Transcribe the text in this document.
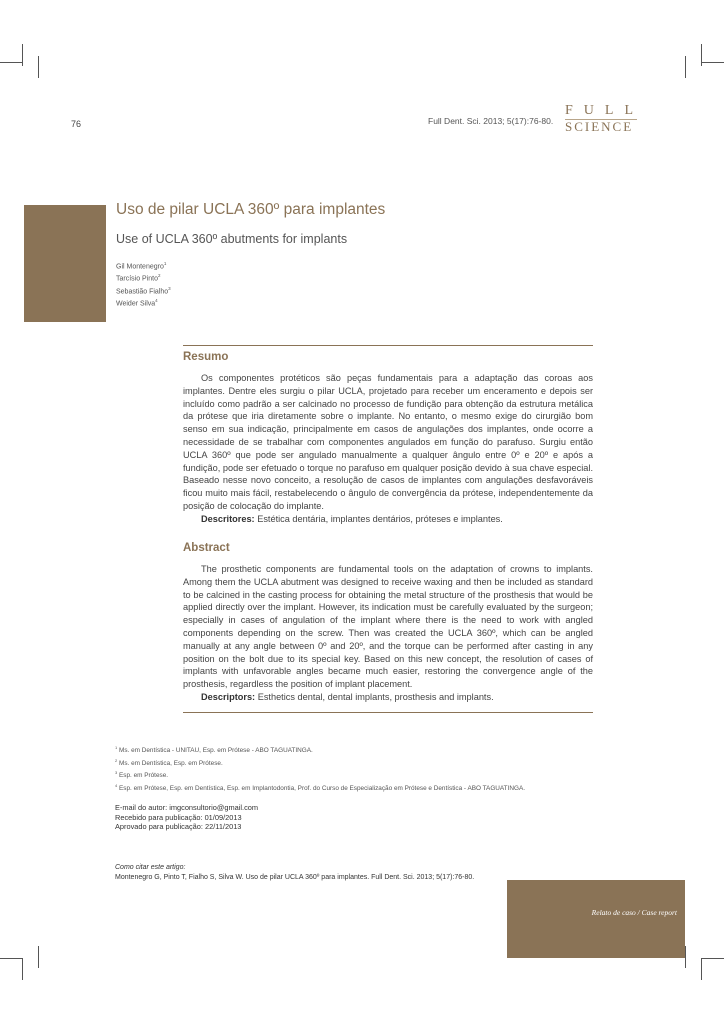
76	Full Dent. Sci. 2013; 5(17):76-80.
FULL
SCIENCE
Uso de pilar UCLA 360º para implantes
Use of UCLA 360º abutments for implants
Gil Montenegro$^1$
Tarcísio Pinto$^2$
Sebastião Fialho$^3$
Weider Silva$^4$
Resumo
Os componentes protéticos são peças fundamentais para a adaptação das coroas aos implantes. Dentre eles surgiu o pilar UCLA, projetado para receber um enceramento e depois ser incluído como padrão a ser calcinado no processo de fundição para obtenção da estrutura metálica da prótese que iria diretamente sobre o implante. No entanto, o mesmo exige do cirurgião bom senso em sua indicação, principalmente em casos de angulações dos implantes, onde ocorre a necessidade de se trabalhar com componentes angulados em função do parafuso. Surgiu então UCLA 360º que pode ser angulado manualmente a qualquer ângulo entre 0º e 20º e após a fundição, pode ser efetuado o torque no parafuso em qualquer posição devido à sua chave especial. Baseado nesse novo conceito, a resolução de casos de implantes com angulações desfavoráveis ficou muito mais fácil, restabelecendo o ângulo de convergência da prótese, independentemente da posição de colocação do implante.
Descritores: Estética dentária, implantes dentários, próteses e implantes.
Abstract
The prosthetic components are fundamental tools on the adaptation of crowns to implants. Among them the UCLA abutment was designed to receive waxing and then be included as standard to be calcined in the casting process for obtaining the metal structure of the prosthesis that would be applied directly over the implant. However, its indication must be carefully evaluated by the surgeon; especially in cases of angulation of the implant where there is the need to work with angled components depending on the screw. Then was created the UCLA 360º, which can be angled manually at any angle between 0º and 20º, and the torque can be performed after casting in any position on the bolt due to its special key. Based on this new concept, the resolution of cases of implants with unfavorable angles became much easier, restoring the convergence angle of the prosthesis, regardless the position of implant placement.
Descriptors: Esthetics dental, dental implants, prosthesis and implants.
$^1$ Ms. em Dentística - UNITAU, Esp. em Prótese - ABO TAGUATINGA.
$^2$ Ms. em Dentística, Esp. em Prótese.
$^3$ Esp. em Prótese.
$^4$ Esp. em Prótese, Esp. em Dentística, Esp. em Implantodontia, Prof. do Curso de Especialização em Prótese e Dentística - ABO TAGUATINGA.
E-mail do autor: imgconsultorio@gmail.com
Recebido para publicação: 01/09/2013
Aprovado para publicação: 22/11/2013
Como citar este artigo:
Montenegro G, Pinto T, Fialho S, Silva W. Uso de pilar UCLA 360º para implantes. Full Dent. Sci. 2013; 5(17):76-80.
Relato de caso / Case report
